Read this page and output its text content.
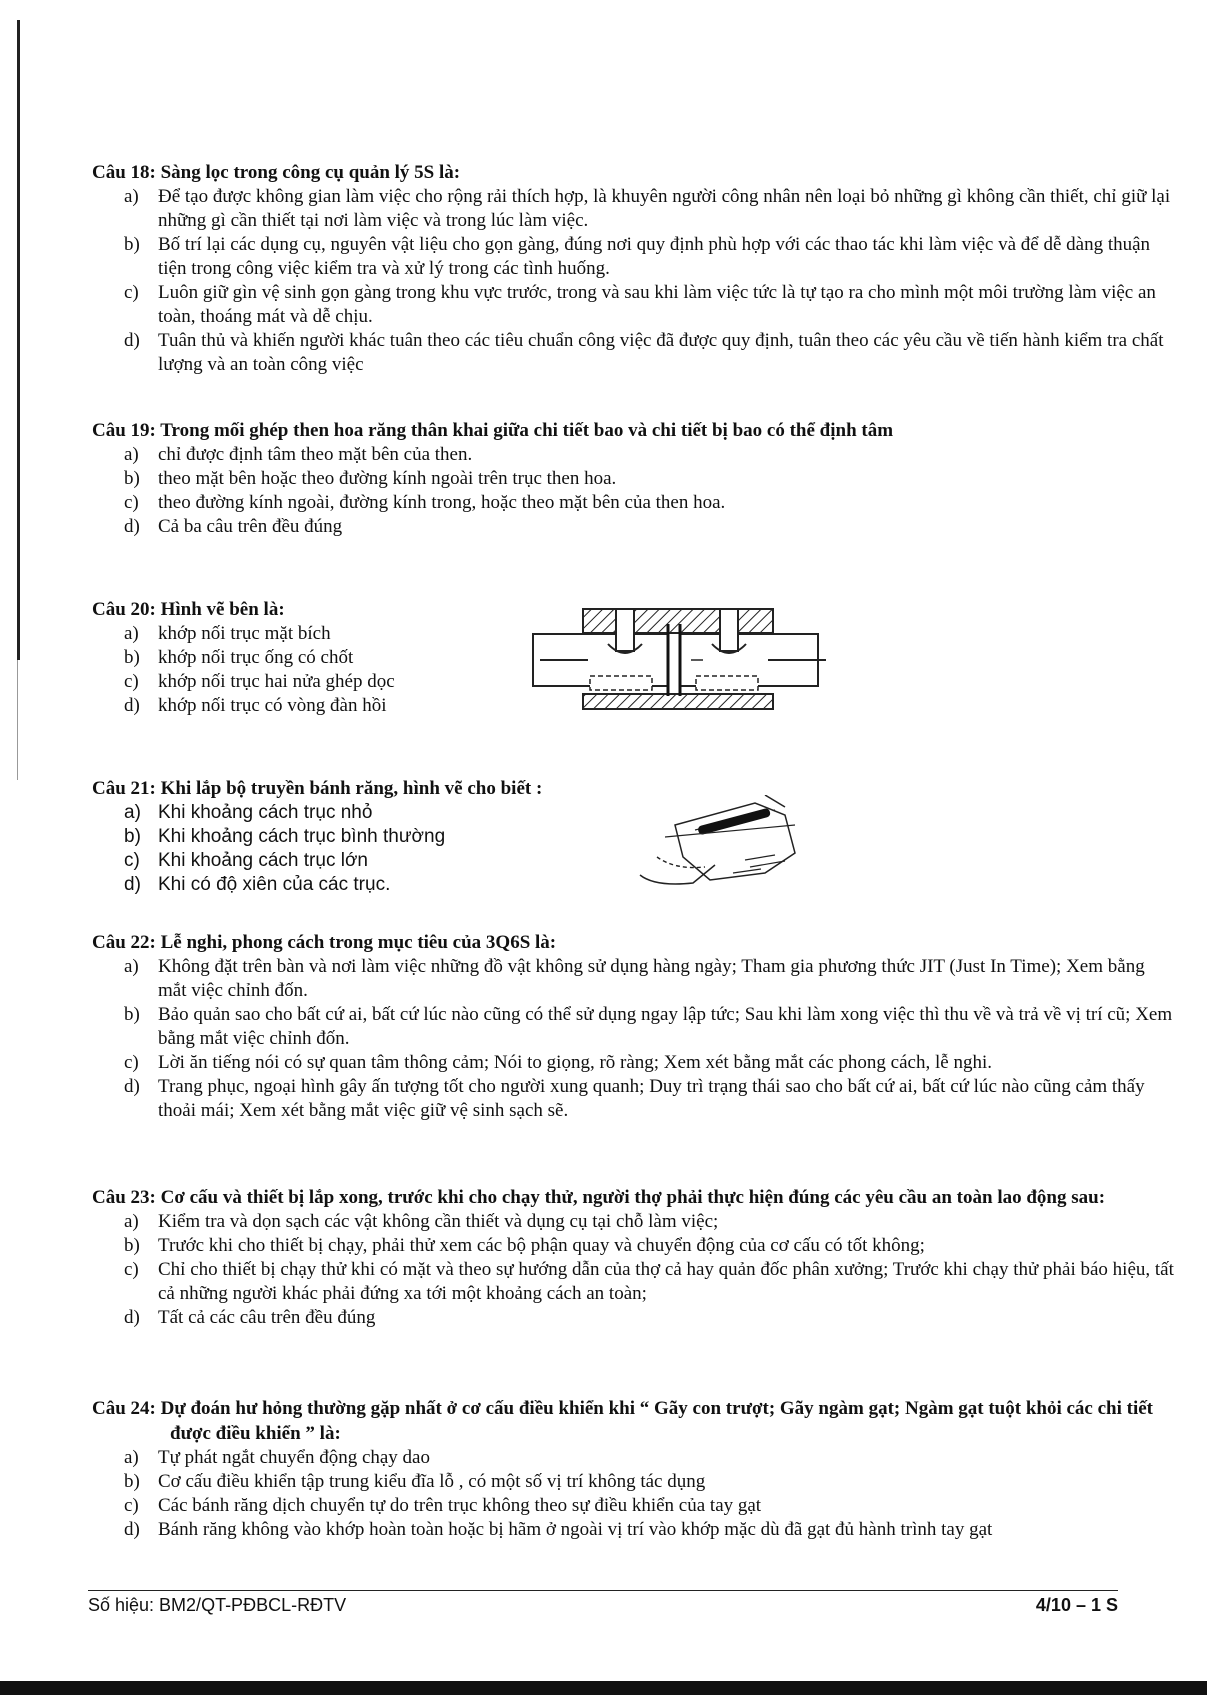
Câu 18: Sàng lọc trong công cụ quản lý 5S là:

a) Để tạo được không gian làm việc cho rộng rải thích hợp, là khuyên người công nhân nên loại bỏ những gì không cần thiết, chỉ giữ lại những gì cần thiết tại nơi làm việc và trong lúc làm việc.
b) Bố trí lại các dụng cụ, nguyên vật liệu cho gọn gàng, đúng nơi quy định phù hợp với các thao tác khi làm việc và để dễ dàng thuận tiện trong công việc kiểm tra và xử lý trong các tình huống.
c) Luôn giữ gìn vệ sinh gọn gàng trong khu vực trước, trong và sau khi làm việc tức là tự tạo ra cho mình một môi trường làm việc an toàn, thoáng mát và dễ chịu.
d) Tuân thủ và khiến người khác tuân theo các tiêu chuẩn công việc đã được quy định, tuân theo các yêu cầu về tiến hành kiểm tra chất lượng và an toàn công việc

Câu 19: Trong mối ghép then hoa răng thân khai giữa chi tiết bao và chi tiết bị bao có thể định tâm

a) chỉ được định tâm theo mặt bên của then.
b) theo mặt bên hoặc theo đường kính ngoài trên trục then hoa.
c) theo đường kính ngoài, đường kính trong, hoặc theo mặt bên của then hoa.
d) Cả ba câu trên đều đúng

Câu 20: Hình vẽ bên là:

a) khớp nối trục mặt bích
b) khớp nối trục ống có chốt
c) khớp nối trục hai nửa ghép dọc
d) khớp nối trục có vòng đàn hồi

Câu 21: Khi lắp bộ truyền bánh răng, hình vẽ cho biết :

a) Khi khoảng cách trục nhỏ
b) Khi khoảng cách trục bình thường
c) Khi khoảng cách trục lớn
d) Khi có độ xiên của các trục.

Câu 22: Lễ nghi, phong cách trong mục tiêu của 3Q6S là:

a) Không đặt trên bàn và nơi làm việc những đồ vật không sử dụng hàng ngày; Tham gia phương thức JIT (Just In Time); Xem bằng mắt việc chỉnh đốn.
b) Bảo quản sao cho bất cứ ai, bất cứ lúc nào cũng có thể sử dụng ngay lập tức; Sau khi làm xong việc thì thu về và trả về vị trí cũ; Xem bằng mắt việc chỉnh đốn.
c) Lời ăn tiếng nói có sự quan tâm thông cảm; Nói to giọng, rõ ràng; Xem xét bằng mắt các phong cách, lễ nghi.
d) Trang phục, ngoại hình gây ấn tượng tốt cho người xung quanh; Duy trì trạng thái sao cho bất cứ ai, bất cứ lúc nào cũng cảm thấy thoải mái; Xem xét bằng mắt việc giữ vệ sinh sạch sẽ.

Câu 23: Cơ cấu và thiết bị lắp xong, trước khi cho chạy thử, người thợ phải thực hiện đúng các yêu cầu an toàn lao động sau:

a) Kiểm tra và dọn sạch các vật không cần thiết và dụng cụ tại chỗ làm việc;
b) Trước khi cho thiết bị chạy, phải thử xem các bộ phận quay và chuyển động của cơ cấu có tốt không;
c) Chỉ cho thiết bị chạy thử khi có mặt và theo sự hướng dẫn của thợ cả hay quản đốc phân xưởng; Trước khi chạy thử phải báo hiệu, tất cả những người khác phải đứng xa tới một khoảng cách an toàn;
d) Tất cả các câu trên đều đúng

Câu 24: Dự đoán hư hỏng thường gặp nhất ở cơ cấu điều khiển khi “ Gãy con trượt; Gãy ngàm gạt; Ngàm gạt tuột khỏi các chi tiết được điều khiển ” là:

a) Tự phát ngắt chuyển động chạy dao
b) Cơ cấu điều khiển tập trung kiểu đĩa lỗ , có một số vị trí không tác dụng
c) Các bánh răng dịch chuyển tự do trên trục không theo sự điều khiển của tay gạt
d) Bánh răng không vào khớp hoàn toàn hoặc bị hãm ở ngoài vị trí vào khớp mặc dù đã gạt đủ hành trình tay gạt
Số hiệu: BM2/QT-PĐBCL-RĐTV	4/10 – 1 S
